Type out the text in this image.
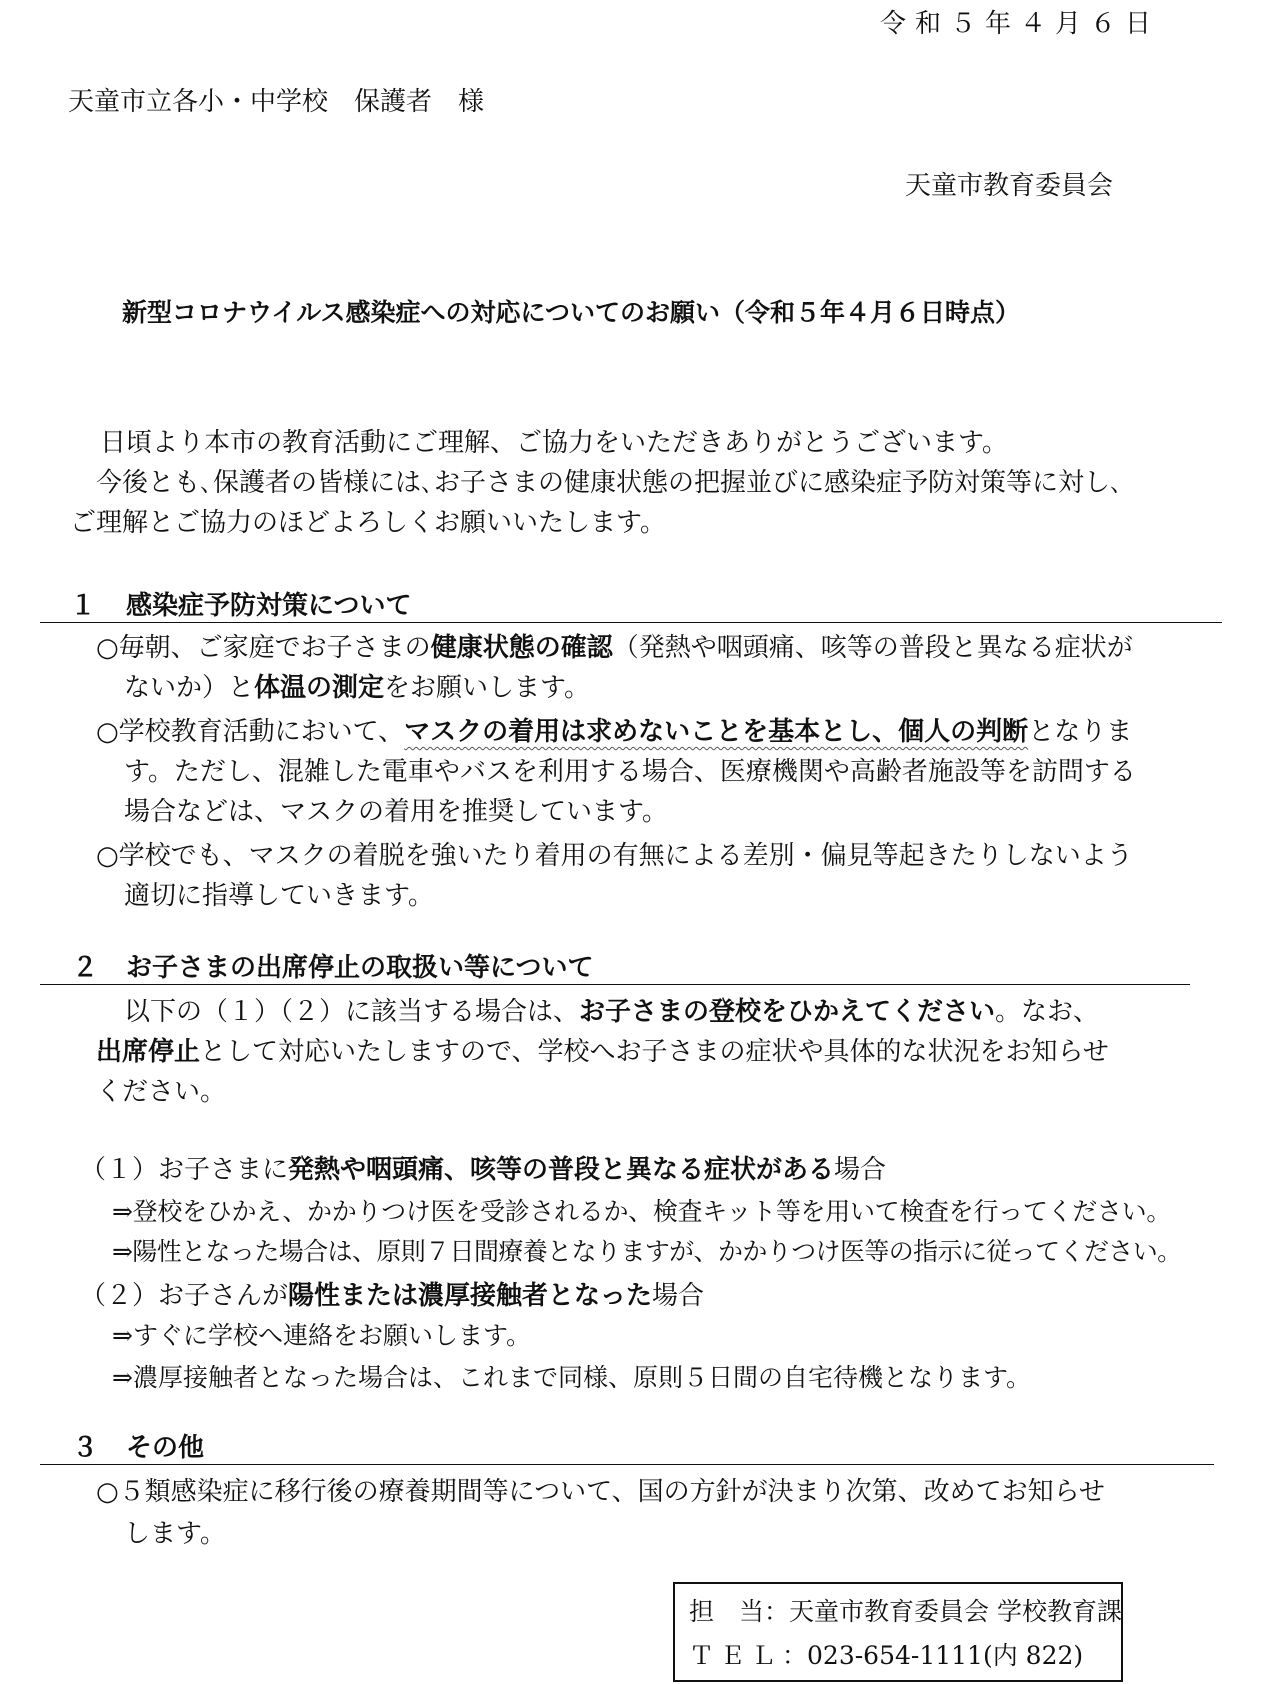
令和５年４月６日
天童市立各小・中学校　保護者　様
天童市教育委員会
新型コロナウイルス感染症への対応についてのお願い（令和５年４月６日時点）
日頃より本市の教育活動にご理解、ご協力をいただきありがとうございます。
今後とも､保護者の皆様には､お子さまの健康状態の把握並びに感染症予防対策等に対し､
ご理解とご協力のほどよろしくお願いいたします。
１ 感染症予防対策について
○毎朝、ご家庭でお子さまの健康状態の確認（発熱や咽頭痛、咳等の普段と異なる症状が
ないか）と体温の測定をお願いします。
○学校教育活動において、マスクの着用は求めないことを基本とし、個人の判断となりま
す。ただし、混雑した電車やバスを利用する場合、医療機関や高齢者施設等を訪問する
場合などは、マスクの着用を推奨しています。
○学校でも、マスクの着脱を強いたり着用の有無による差別・偏見等起きたりしないよう
適切に指導していきます。
２ お子さまの出席停止の取扱い等について
以下の（１）（２）に該当する場合は、お子さまの登校をひかえてください。なお、
出席停止として対応いたしますので、学校へお子さまの症状や具体的な状況をお知らせ
ください。
（１）お子さまに発熱や咽頭痛、咳等の普段と異なる症状がある場合
⇒登校をひかえ、かかりつけ医を受診されるか、検査キット等を用いて検査を行ってください。
⇒陽性となった場合は、原則７日間療養となりますが、かかりつけ医等の指示に従ってください。
（２）お子さんが陽性または濃厚接触者となった場合
⇒すぐに学校へ連絡をお願いします。
⇒濃厚接触者となった場合は、これまで同様、原則５日間の自宅待機となります。
３ その他
○５類感染症に移行後の療養期間等について、国の方針が決まり次第、改めてお知らせ
します。
担　当：天童市教育委員会 学校教育課
ＴＥＬ：023-654-1111(内 822)
